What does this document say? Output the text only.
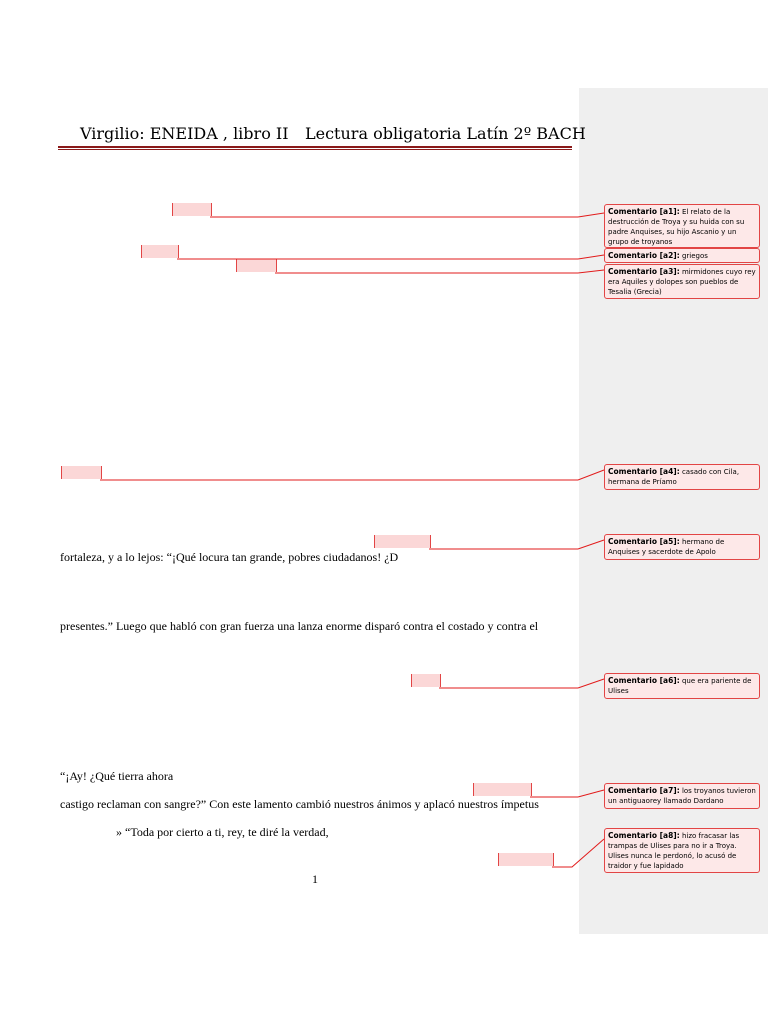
Virgilio: ENEIDA , libro II Lectura obligatoria Latín 2º BACH
fortaleza, y a lo lejos: “¡Qué locura tan grande, pobres ciudadanos! ¿D
presentes.” Luego que habló con gran fuerza una lanza enorme disparó contra el costado y contra el
“¡Ay! ¿Qué tierra ahora
castigo reclaman con sangre?” Con este lamento cambió nuestros ánimos y aplacó nuestros ímpetus
» “Toda por cierto a ti, rey, te diré la verdad,
Comentario [a1]: El relato de la destrucción de Troya y su huida con su padre Anquises, su hijo Ascanio y un grupo de troyanos
Comentario [a2]: griegos
Comentario [a3]: mirmidones cuyo rey era Aquiles y dolopes son pueblos de Tesalia (Grecia)
Comentario [a4]: casado con Cila, hermana de Príamo
Comentario [a5]: hermano de Anquises y sacerdote de Apolo
Comentario [a6]: que era pariente de Ulises
Comentario [a7]: los troyanos tuvieron un antiguaorey llamado Dardano
Comentario [a8]: hizo fracasar las trampas de Ulises para no ir a Troya. Ulises nunca le perdonó, lo acusó de traidor y fue lapidado
1
